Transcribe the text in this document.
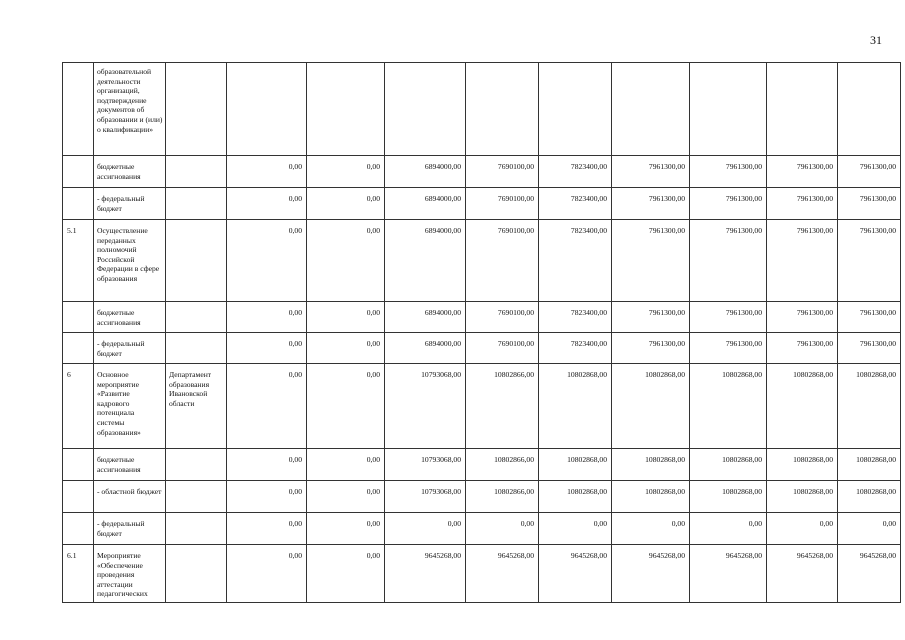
31
	образовательной деятельности организаций, подтверждение документов об образовании и (или) о квалификации»										
	бюджетные ассигнования		0,00	0,00	6894000,00	7690100,00	7823400,00	7961300,00	7961300,00	7961300,00	7961300,00
	- федеральный бюджет		0,00	0,00	6894000,00	7690100,00	7823400,00	7961300,00	7961300,00	7961300,00	7961300,00
5.1	Осуществление переданных полномочий Российской Федерации в сфере образования		0,00	0,00	6894000,00	7690100,00	7823400,00	7961300,00	7961300,00	7961300,00	7961300,00
	бюджетные ассигнования		0,00	0,00	6894000,00	7690100,00	7823400,00	7961300,00	7961300,00	7961300,00	7961300,00
	- федеральный бюджет		0,00	0,00	6894000,00	7690100,00	7823400,00	7961300,00	7961300,00	7961300,00	7961300,00
6	Основное мероприятие «Развитие кадрового потенциала системы образования»	Департамент образования Ивановской области	0,00	0,00	10793068,00	10802866,00	10802868,00	10802868,00	10802868,00	10802868,00	10802868,00
	бюджетные ассигнования		0,00	0,00	10793068,00	10802866,00	10802868,00	10802868,00	10802868,00	10802868,00	10802868,00
	- областной бюджет		0,00	0,00	10793068,00	10802866,00	10802868,00	10802868,00	10802868,00	10802868,00	10802868,00
	- федеральный бюджет		0,00	0,00	0,00	0,00	0,00	0,00	0,00	0,00	0,00
6.1	Мероприятие «Обеспечение проведения аттестации педагогических		0,00	0,00	9645268,00	9645268,00	9645268,00	9645268,00	9645268,00	9645268,00	9645268,00
